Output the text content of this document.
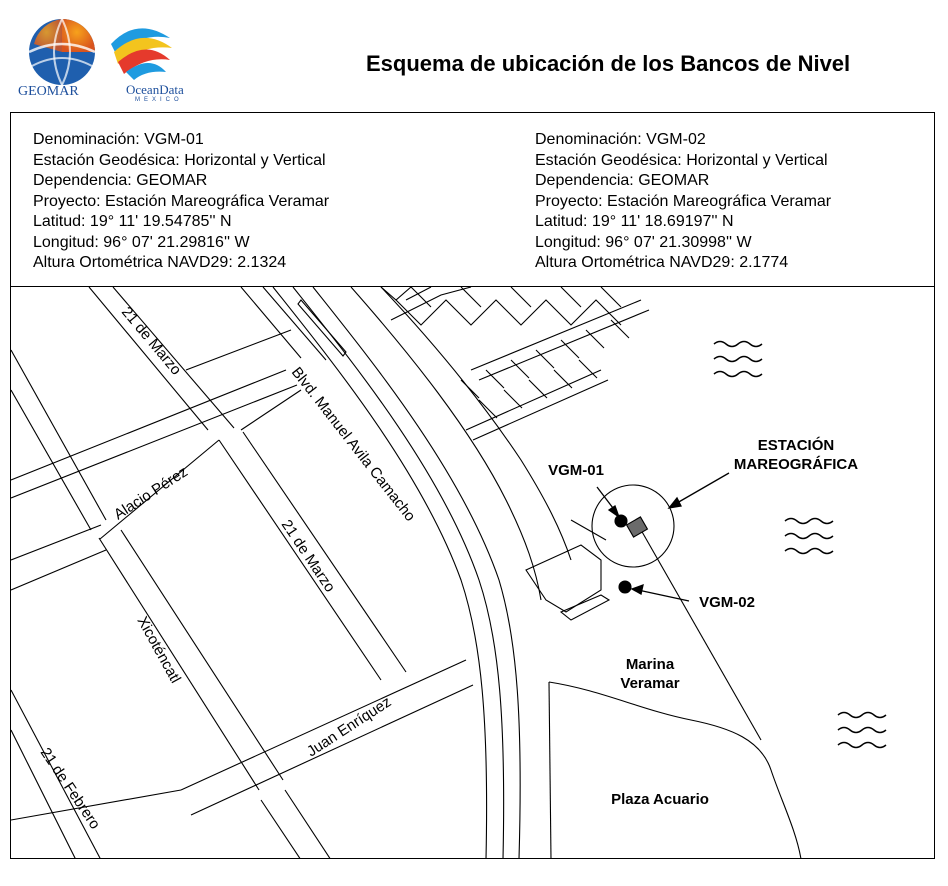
GEOMAR	OceanData
MEXICO
Esquema de ubicación de los Bancos de Nivel
Denominación: VGM-01
Estación Geodésica: Horizontal y Vertical
Dependencia: GEOMAR
Proyecto: Estación Mareográfica Veramar
Latitud: 19° 11' 19.54785'' N
Longitud: 96° 07' 21.29816'' W
Altura Ortométrica NAVD29: 2.1324
Denominación: VGM-02
Estación Geodésica: Horizontal y Vertical
Dependencia: GEOMAR
Proyecto: Estación Mareográfica Veramar
Latitud: 19° 11' 18.69197'' N
Longitud: 96° 07' 21.30998'' W
Altura Ortométrica NAVD29: 2.1774
21 de Marzo
Blvd. Manuel Avila Camacho
Alacio Pérez
21 de Marzo
Xicoténcatl
Juan Enríquez
21 de Febrero
ESTACIÓN
MAREOGRÁFICA
VGM-01
VGM-02
Marina
Veramar
Plaza Acuario
